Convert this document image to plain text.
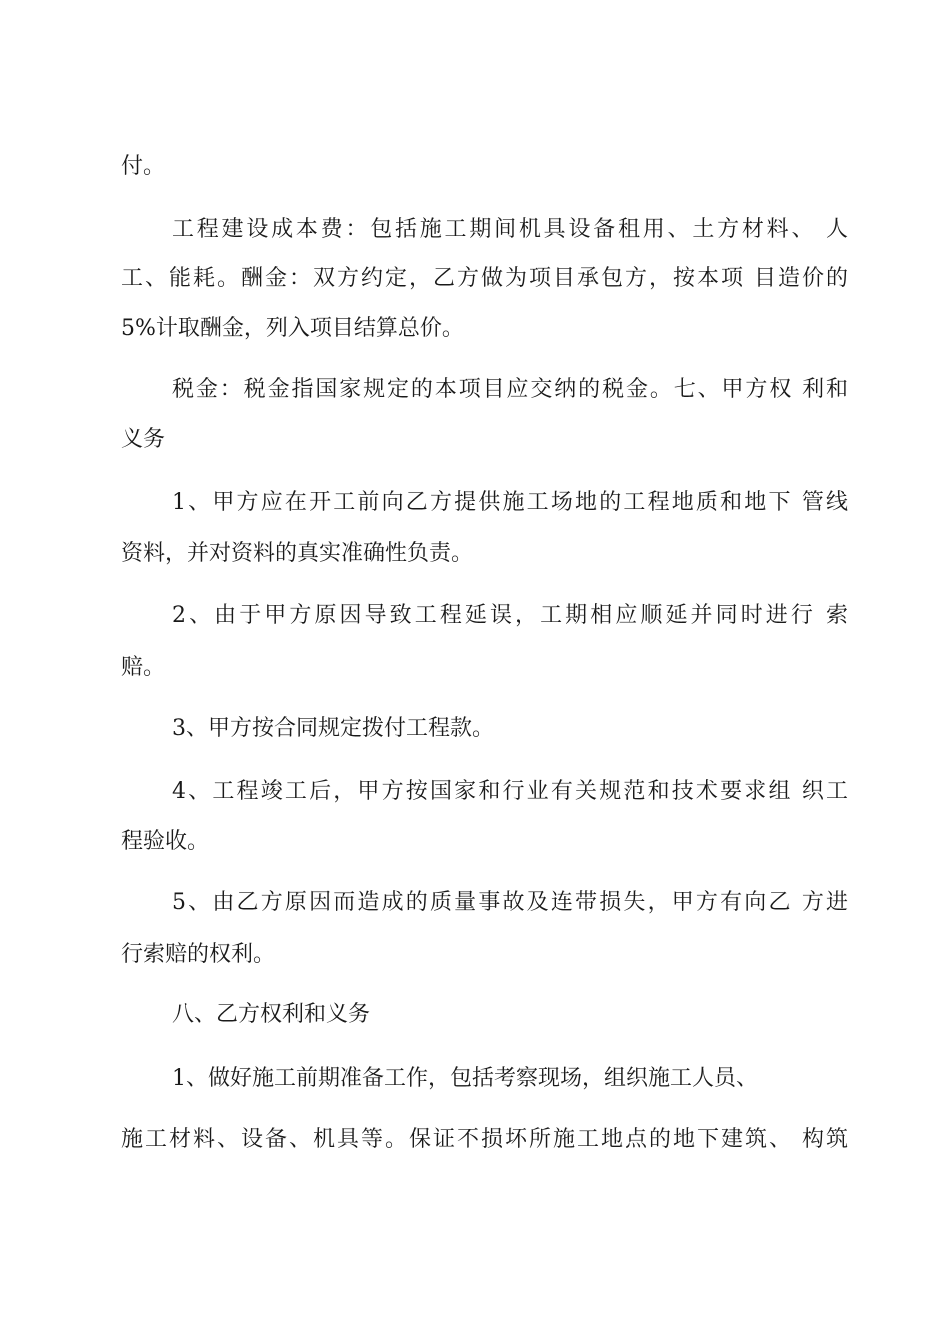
付。
工程建设成本费：包括施工期间机具设备租用、土方材料、 人
工、能耗。酬金：双方约定，乙方做为项目承包方，按本项 目造价的
5%计取酬金，列入项目结算总价。
税金：税金指国家规定的本项目应交纳的税金。七、甲方权 利和
义务
1、甲方应在开工前向乙方提供施工场地的工程地质和地下 管线
资料，并对资料的真实准确性负责。
2、由于甲方原因导致工程延误，工期相应顺延并同时进行 索
赔。
3、甲方按合同规定拨付工程款。
4、工程竣工后，甲方按国家和行业有关规范和技术要求组 织工
程验收。
5、由乙方原因而造成的质量事故及连带损失，甲方有向乙 方进
行索赔的权利。
八、乙方权利和义务
1、做好施工前期准备工作，包括考察现场，组织施工人员、
施工材料、设备、机具等。保证不损坏所施工地点的地下建筑、 构筑
